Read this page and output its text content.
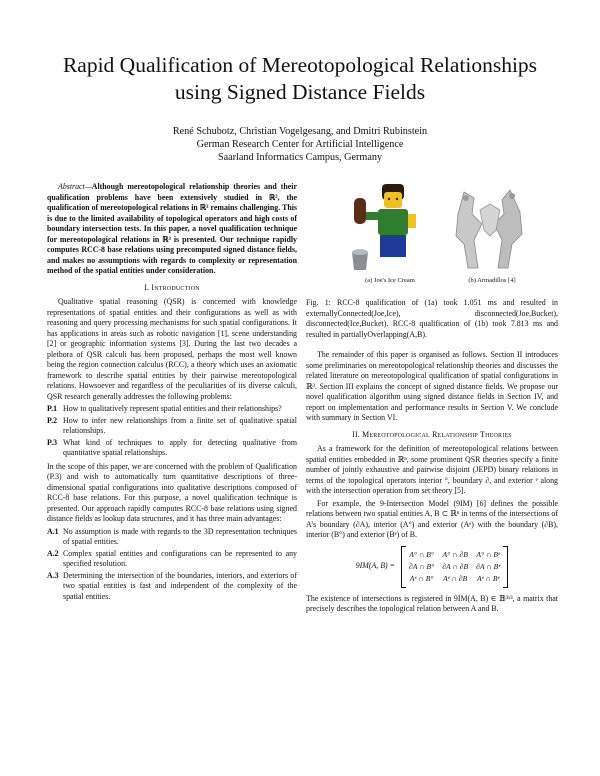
Rapid Qualification of Mereotopological Relationships using Signed Distance Fields
René Schubotz, Christian Vogelgesang, and Dmitri Rubinstein
German Research Center for Artificial Intelligence
Saarland Informatics Campus, Germany

Abstract—Although mereotopological relationship theories and their qualification problems have been extensively studied in ℝ², the qualification of mereotopological relations in ℝ³ remains challenging. This is due to the limited availability of topological operators and high costs of boundary intersection tests. In this paper, a novel qualification technique for mereotopological relations in ℝ³ is presented. Our technique rapidly computes RCC-8 base relations using precomputed signed distance fields, and makes no assumptions with regards to complexity or representation method of the spatial entities under consideration.

I. Introduction

Qualitative spatial reasoning (QSR) is concerned with knowledge representations of spatial entities and their configurations as well as with reasoning and query processing mechanisms for such spatial configurations. It has applications in areas such as robotic navigation [1], scene understanding [2] or geographic information systems [3]. During the last two decades a plethora of QSR calculi has been proposed, perhaps the most well known being the region connection calculus (RCC), a theory which uses an axiomatic framework to describe spatial entities by their pairwise mereotopological relations. Howsoever and regardless of the peculiarities of its diverse calculi, QSR research generally addresses the following problems:

P.1 How to qualitatively represent spatial entities and their relationships?
P.2 How to infer new relationships from a finite set of qualitative spatial relationships.
P.3 What kind of techniques to apply for detecting qualitative from quantitative spatial relationships.

In the scope of this paper, we are concerned with the problem of Qualification (P.3) and wish to automatically turn quantitative descriptions of three-dimensional spatial configurations into qualitative descriptions composed of RCC-8 base relations. For this purpose, a novel qualification technique is presented. Our approach rapidly computes RCC-8 base relations using signed distance fields as lookup data structures, and it has three main advantages:

A.1 No assumption is made with regards to the 3D representation techniques of spatial entities.
A.2 Complex spatial entities and configurations can be represented to any specified resolution.
A.3 Determining the intersection of the boundaries, interiors, and exteriors of two spatial entities is fast and independent of the complexity of the spatial entities.
(a) Joe's Ice Cream	(b) Armadillos [4]

Fig. 1: RCC-8 qualification of (1a) took 1.051 ms and resulted in externallyConnected(Joe,Ice), disconnected(Joe,Bucket), disconnected(Ice,Bucket). RCC-8 qualification of (1b) took 7.813 ms and resulted in partiallyOverlapping(A,B).

The remainder of this paper is organised as follows. Section II introduces some preliminaries on mereotopological relationship theories and discusses the related literature on mereotopological qualification of spatial configurations in ℝ³. Section III explains the concept of signed distance fields. We propose our novel qualification algorithm using signed distance fields in Section IV, and report on implementation and performance results in Section V. We conclude with summary in Section VI.

II. Mereotopological Relationship Theories

As a framework for the definition of mereotopological relations between spatial entities embedded in ℝⁿ, some prominent QSR theories specify a finite number of jointly exhaustive and pairwise disjoint (JEPD) binary relations in terms of the topological operators interior °, boundary ∂, and exterior ᵉ along with the intersection operation from set theory [5].

For example, the 9-Intersection Model (9IM) [6] defines the possible relations between two spatial entities A, B ⊂ ℝⁿ in terms of the intersections of A's boundary (∂A), interior (A°) and exterior (Aᵉ) with the boundary (∂B), interior (B°) and exterior (Bᵉ) of B.

9IM(A, B) =
A° ∩ B° A° ∩ ∂B A° ∩ Bᵉ
∂A ∩ B° ∂A ∩ ∂B ∂A ∩ Bᵉ
Aᵉ ∩ B° Aᵉ ∩ ∂B Aᵉ ∩ Bᵉ

The existence of intersections is registered in 9IM(A, B) ∈ 𝔹³ˣ³, a matrix that precisely describes the topological relation between A and B.
